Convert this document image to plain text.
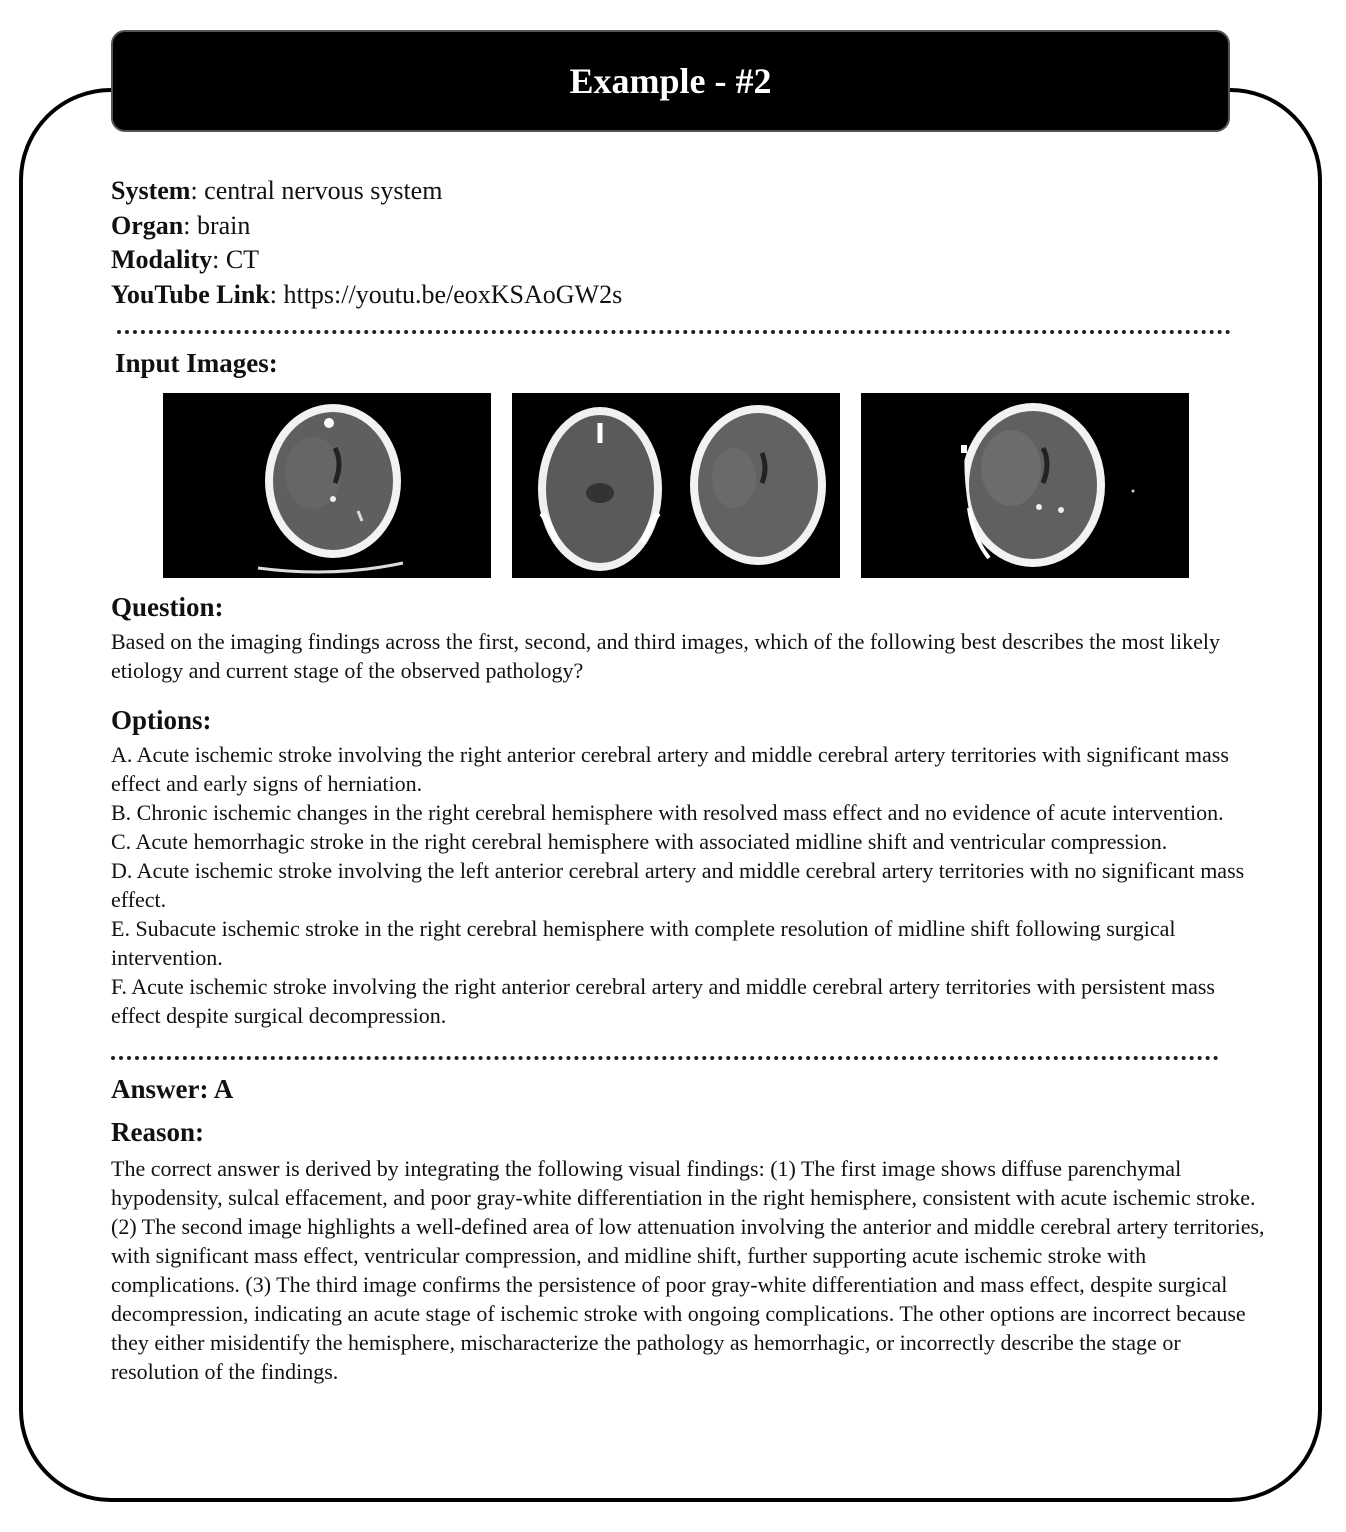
Example - #2

System: central nervous system

Organ: brain

Modality: CT

YouTube Link: https://youtu.be/eoxKSAoGW2s

Input Images:

Question:

Based on the imaging findings across the first, second, and third images, which of the following best describes the most likely etiology and current stage of the observed pathology?

Options:

A. Acute ischemic stroke involving the right anterior cerebral artery and middle cerebral artery territories with significant mass effect and early signs of herniation.

B. Chronic ischemic changes in the right cerebral hemisphere with resolved mass effect and no evidence of acute intervention.

C. Acute hemorrhagic stroke in the right cerebral hemisphere with associated midline shift and ventricular compression.

D. Acute ischemic stroke involving the left anterior cerebral artery and middle cerebral artery territories with no significant mass effect.

E. Subacute ischemic stroke in the right cerebral hemisphere with complete resolution of midline shift following surgical intervention.

F. Acute ischemic stroke involving the right anterior cerebral artery and middle cerebral artery territories with persistent mass effect despite surgical decompression.

Answer: A

Reason:

The correct answer is derived by integrating the following visual findings: (1) The first image shows diffuse parenchymal hypodensity, sulcal effacement, and poor gray-white differentiation in the right hemisphere, consistent with acute ischemic stroke. (2) The second image highlights a well-defined area of low attenuation involving the anterior and middle cerebral artery territories, with significant mass effect, ventricular compression, and midline shift, further supporting acute ischemic stroke with complications. (3) The third image confirms the persistence of poor gray-white differentiation and mass effect, despite surgical decompression, indicating an acute stage of ischemic stroke with ongoing complications. The other options are incorrect because they either misidentify the hemisphere, mischaracterize the pathology as hemorrhagic, or incorrectly describe the stage or resolution of the findings.
